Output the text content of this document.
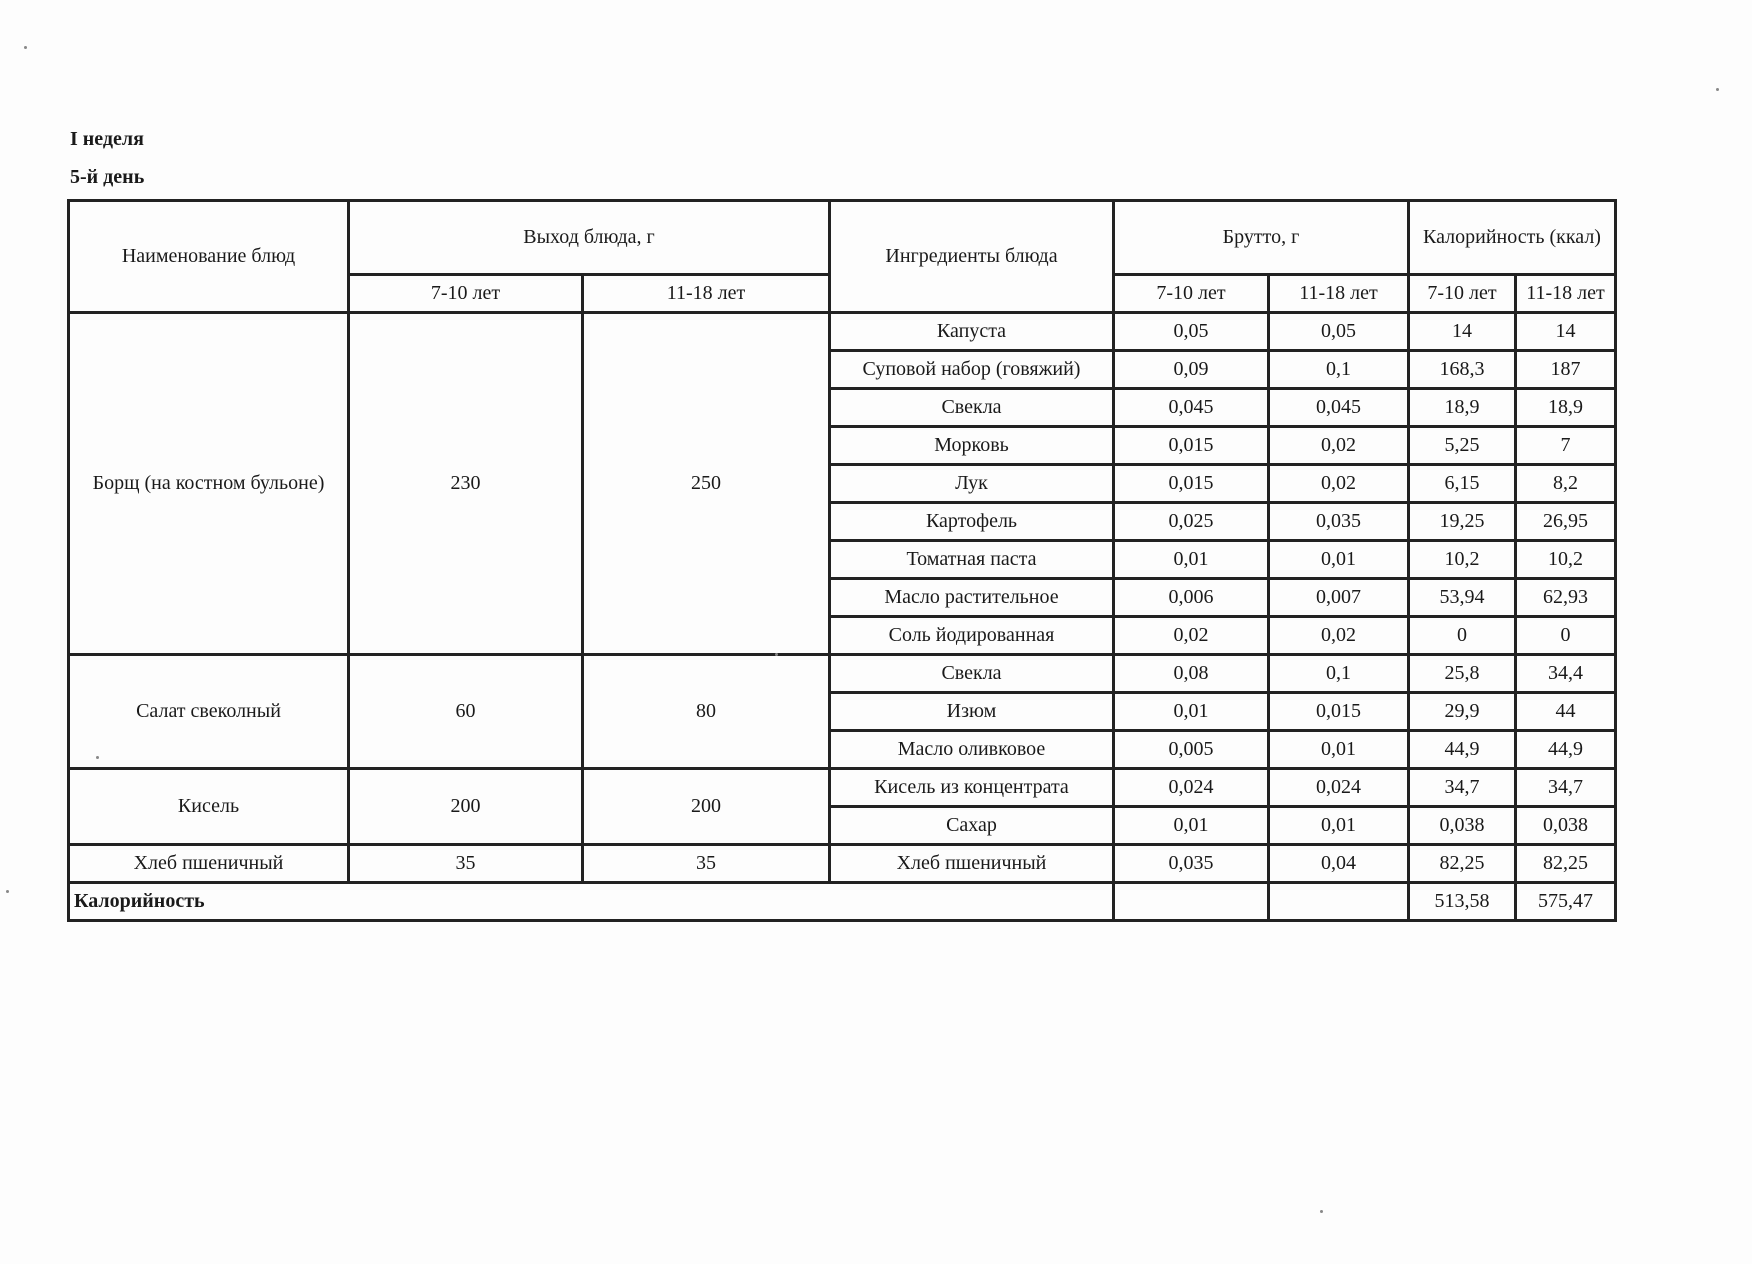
I неделя
5-й день
Наименование блюд	Выход блюда, г		Ингредиенты блюда	Брутто, г		Калорийность (ккал)	
	7-10 лет	11-18 лет		7-10 лет	11-18 лет	7-10 лет	11-18 лет
Борщ (на костном бульоне)	230	250	Капуста	0,05	0,05	14	14
			Суповой набор (говяжий)	0,09	0,1	168,3	187
			Свекла	0,045	0,045	18,9	18,9
			Морковь	0,015	0,02	5,25	7
			Лук	0,015	0,02	6,15	8,2
			Картофель	0,025	0,035	19,25	26,95
			Томатная паста	0,01	0,01	10,2	10,2
			Масло растительное	0,006	0,007	53,94	62,93
			Соль йодированная	0,02	0,02	0	0
Салат свеколный	60	80	Свекла	0,08	0,1	25,8	34,4
			Изюм	0,01	0,015	29,9	44
			Масло оливковое	0,005	0,01	44,9	44,9
Кисель	200	200	Кисель из концентрата	0,024	0,024	34,7	34,7
			Сахар	0,01	0,01	0,038	0,038
Хлеб пшеничный	35	35	Хлеб пшеничный	0,035	0,04	82,25	82,25
Калорийность						513,58	575,47
